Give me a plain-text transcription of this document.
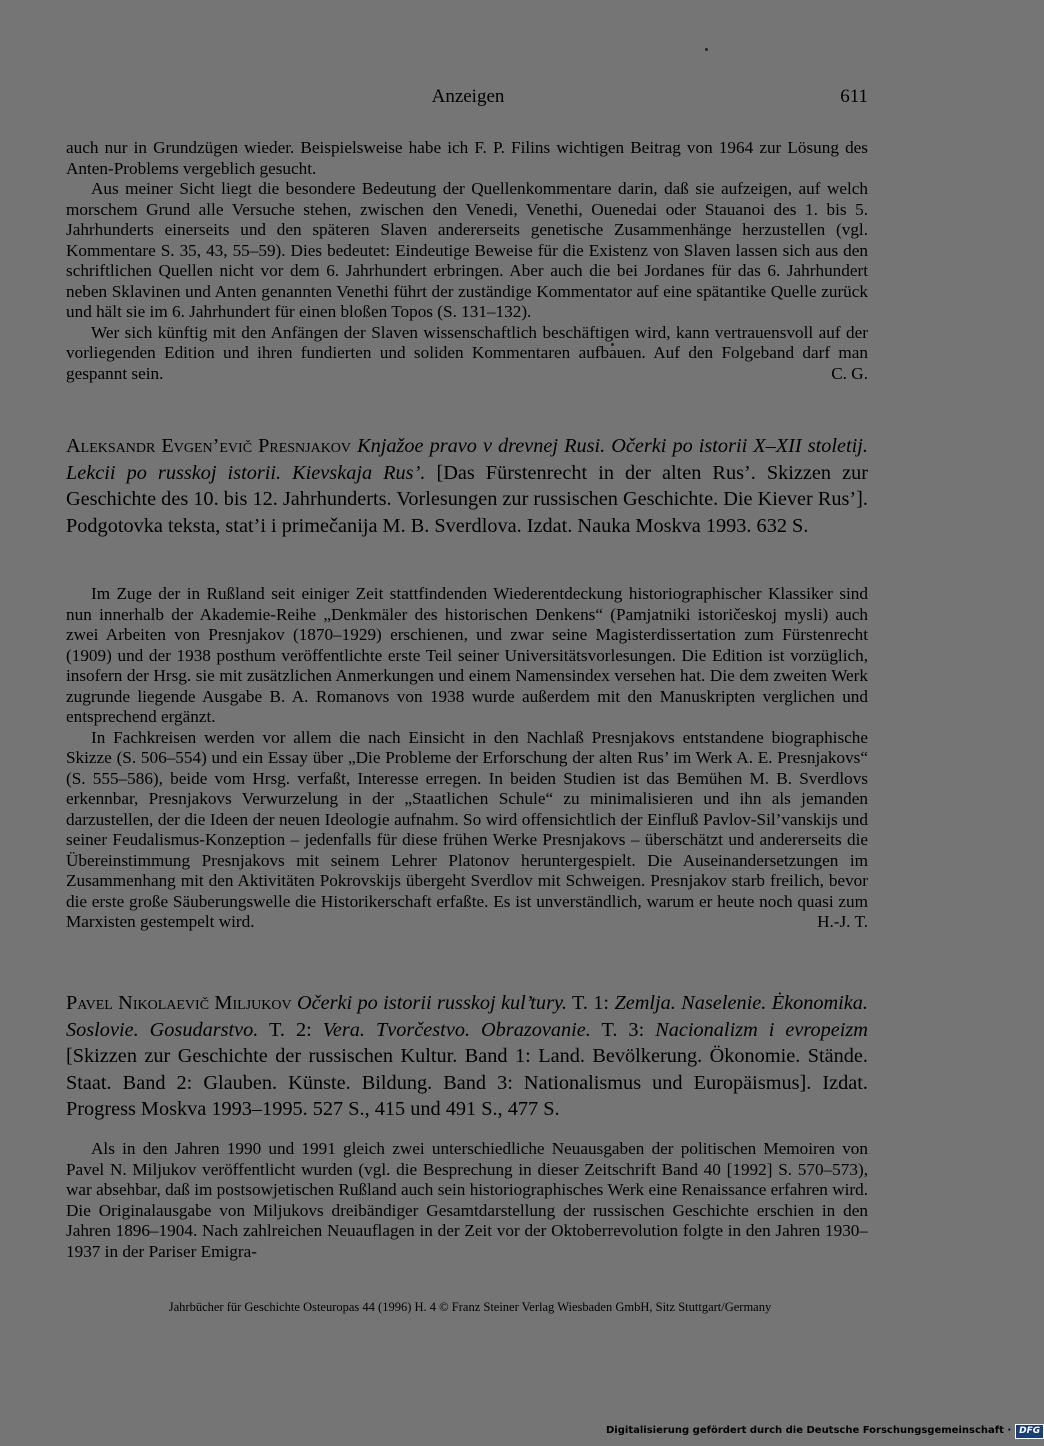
Anzeigen	611

auch nur in Grundzügen wieder. Beispielsweise habe ich F. P. Filins wichtigen Beitrag von 1964 zur Lösung des Anten-Problems vergeblich gesucht.

Aus meiner Sicht liegt die besondere Bedeutung der Quellenkommentare darin, daß sie aufzeigen, auf welch morschem Grund alle Versuche stehen, zwischen den Venedi, Venethi, Ouenedai oder Stauanoi des 1. bis 5. Jahrhunderts einerseits und den späteren Slaven andererseits genetische Zusammenhänge herzustellen (vgl. Kommentare S. 35, 43, 55–59). Dies bedeutet: Eindeutige Beweise für die Existenz von Slaven lassen sich aus den schriftlichen Quellen nicht vor dem 6. Jahrhundert erbringen. Aber auch die bei Jordanes für das 6. Jahrhundert neben Sklavinen und Anten genannten Venethi führt der zuständige Kommentator auf eine spätantike Quelle zurück und hält sie im 6. Jahrhundert für einen bloßen Topos (S. 131–132).

Wer sich künftig mit den Anfängen der Slaven wissenschaftlich beschäftigen wird, kann vertrauensvoll auf der vorliegenden Edition und ihren fundierten und soliden Kommentaren aufbauen. Auf den Folgeband darf man gespannt sein.	C. G.

Aleksandr Evgen’evič Presnjakov Knjažoe pravo v drevnej Rusi. Očerki po istorii X–XII stoletij. Lekcii po russkoj istorii. Kievskaja Rus’. [Das Fürstenrecht in der alten Rus’. Skizzen zur Geschichte des 10. bis 12. Jahrhunderts. Vorlesungen zur russischen Geschichte. Die Kiever Rus’]. Podgotovka teksta, stat’i i primečanija M. B. Sverdlova. Izdat. Nauka Moskva 1993. 632 S.

Im Zuge der in Rußland seit einiger Zeit stattfindenden Wiederentdeckung historiographischer Klassiker sind nun innerhalb der Akademie-Reihe „Denkmäler des historischen Denkens“ (Pamjatniki istoričeskoj mysli) auch zwei Arbeiten von Presnjakov (1870–1929) erschienen, und zwar seine Magisterdissertation zum Fürstenrecht (1909) und der 1938 posthum veröffentlichte erste Teil seiner Universitätsvorlesungen. Die Edition ist vorzüglich, insofern der Hrsg. sie mit zusätzlichen Anmerkungen und einem Namensindex versehen hat. Die dem zweiten Werk zugrunde liegende Ausgabe B. A. Romanovs von 1938 wurde außerdem mit den Manuskripten verglichen und entsprechend ergänzt.

In Fachkreisen werden vor allem die nach Einsicht in den Nachlaß Presnjakovs entstandene biographische Skizze (S. 506–554) und ein Essay über „Die Probleme der Erforschung der alten Rus’ im Werk A. E. Presnjakovs“ (S. 555–586), beide vom Hrsg. verfaßt, Interesse erregen. In beiden Studien ist das Bemühen M. B. Sverdlovs erkennbar, Presnjakovs Verwurzelung in der „Staatlichen Schule“ zu minimalisieren und ihn als jemanden darzustellen, der die Ideen der neuen Ideologie aufnahm. So wird offensichtlich der Einfluß Pavlov-Sil’vanskijs und seiner Feudalismus-Konzeption – jedenfalls für diese frühen Werke Presnjakovs – überschätzt und andererseits die Übereinstimmung Presnjakovs mit seinem Lehrer Platonov heruntergespielt. Die Auseinandersetzungen im Zusammenhang mit den Aktivitäten Pokrovskijs übergeht Sverdlov mit Schweigen. Presnjakov starb freilich, bevor die erste große Säuberungswelle die Historikerschaft erfaßte. Es ist unverständlich, warum er heute noch quasi zum Marxisten gestempelt wird.	H.-J. T.

Pavel Nikolaevič Miljukov Očerki po istorii russkoj kul’tury. T. 1: Zemlja. Naselenie. Ėkonomika. Soslovie. Gosudarstvo. T. 2: Vera. Tvorčestvo. Obrazovanie. T. 3: Nacionalizm i evropeizm [Skizzen zur Geschichte der russischen Kultur. Band 1: Land. Bevölkerung. Ökonomie. Stände. Staat. Band 2: Glauben. Künste. Bildung. Band 3: Nationalismus und Europäismus]. Izdat. Progress Moskva 1993–1995. 527 S., 415 und 491 S., 477 S.

Als in den Jahren 1990 und 1991 gleich zwei unterschiedliche Neuausgaben der politischen Memoiren von Pavel N. Miljukov veröffentlicht wurden (vgl. die Besprechung in dieser Zeitschrift Band 40 [1992] S. 570–573), war absehbar, daß im postsowjetischen Rußland auch sein historiographisches Werk eine Renaissance erfahren wird. Die Originalausgabe von Miljukovs dreibändiger Gesamtdarstellung der russischen Geschichte erschien in den Jahren 1896–1904. Nach zahlreichen Neuauflagen in der Zeit vor der Oktoberrevolution folgte in den Jahren 1930–1937 in der Pariser Emigra-

Jahrbücher für Geschichte Osteuropas 44 (1996) H. 4 © Franz Steiner Verlag Wiesbaden GmbH, Sitz Stuttgart/Germany
Digitalisierung gefördert durch die Deutsche Forschungsgemeinschaft · DFG
